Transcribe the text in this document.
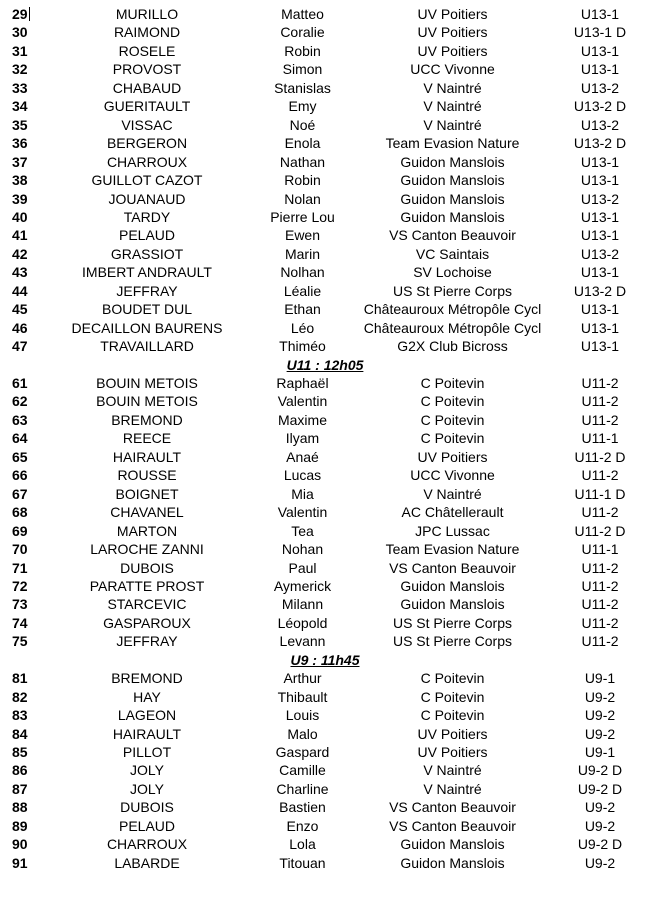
29	MURILLO	Matteo	UV Poitiers	U13-1
30	RAIMOND	Coralie	UV Poitiers	U13-1 D
31	ROSELE	Robin	UV Poitiers	U13-1
32	PROVOST	Simon	UCC Vivonne	U13-1
33	CHABAUD	Stanislas	V Naintré	U13-2
34	GUERITAULT	Emy	V Naintré	U13-2 D
35	VISSAC	Noé	V Naintré	U13-2
36	BERGERON	Enola	Team Evasion Nature	U13-2 D
37	CHARROUX	Nathan	Guidon Manslois	U13-1
38	GUILLOT CAZOT	Robin	Guidon Manslois	U13-1
39	JOUANAUD	Nolan	Guidon Manslois	U13-2
40	TARDY	Pierre Lou	Guidon Manslois	U13-1
41	PELAUD	Ewen	VS Canton Beauvoir	U13-1
42	GRASSIOT	Marin	VC Saintais	U13-2
43	IMBERT ANDRAULT	Nolhan	SV Lochoise	U13-1
44	JEFFRAY	Léalie	US St Pierre Corps	U13-2 D
45	BOUDET DUL	Ethan	Châteauroux Métropôle Cycl	U13-1
46	DECAILLON BAURENS	Léo	Châteauroux Métropôle Cycl	U13-1
47	TRAVAILLARD	Thiméo	G2X Club Bicross	U13-1
U11 : 12h05
61	BOUIN METOIS	Raphaël	C Poitevin	U11-2
62	BOUIN METOIS	Valentin	C Poitevin	U11-2
63	BREMOND	Maxime	C Poitevin	U11-2
64	REECE	Ilyam	C Poitevin	U11-1
65	HAIRAULT	Anaé	UV Poitiers	U11-2 D
66	ROUSSE	Lucas	UCC Vivonne	U11-2
67	BOIGNET	Mia	V Naintré	U11-1 D
68	CHAVANEL	Valentin	AC Châtellerault	U11-2
69	MARTON	Tea	JPC Lussac	U11-2 D
70	LAROCHE ZANNI	Nohan	Team Evasion Nature	U11-1
71	DUBOIS	Paul	VS Canton Beauvoir	U11-2
72	PARATTE PROST	Aymerick	Guidon Manslois	U11-2
73	STARCEVIC	Milann	Guidon Manslois	U11-2
74	GASPAROUX	Léopold	US St Pierre Corps	U11-2
75	JEFFRAY	Levann	US St Pierre Corps	U11-2
U9 : 11h45
81	BREMOND	Arthur	C Poitevin	U9-1
82	HAY	Thibault	C Poitevin	U9-2
83	LAGEON	Louis	C Poitevin	U9-2
84	HAIRAULT	Malo	UV Poitiers	U9-2
85	PILLOT	Gaspard	UV Poitiers	U9-1
86	JOLY	Camille	V Naintré	U9-2 D
87	JOLY	Charline	V Naintré	U9-2 D
88	DUBOIS	Bastien	VS Canton Beauvoir	U9-2
89	PELAUD	Enzo	VS Canton Beauvoir	U9-2
90	CHARROUX	Lola	Guidon Manslois	U9-2 D
91	LABARDE	Titouan	Guidon Manslois	U9-2
